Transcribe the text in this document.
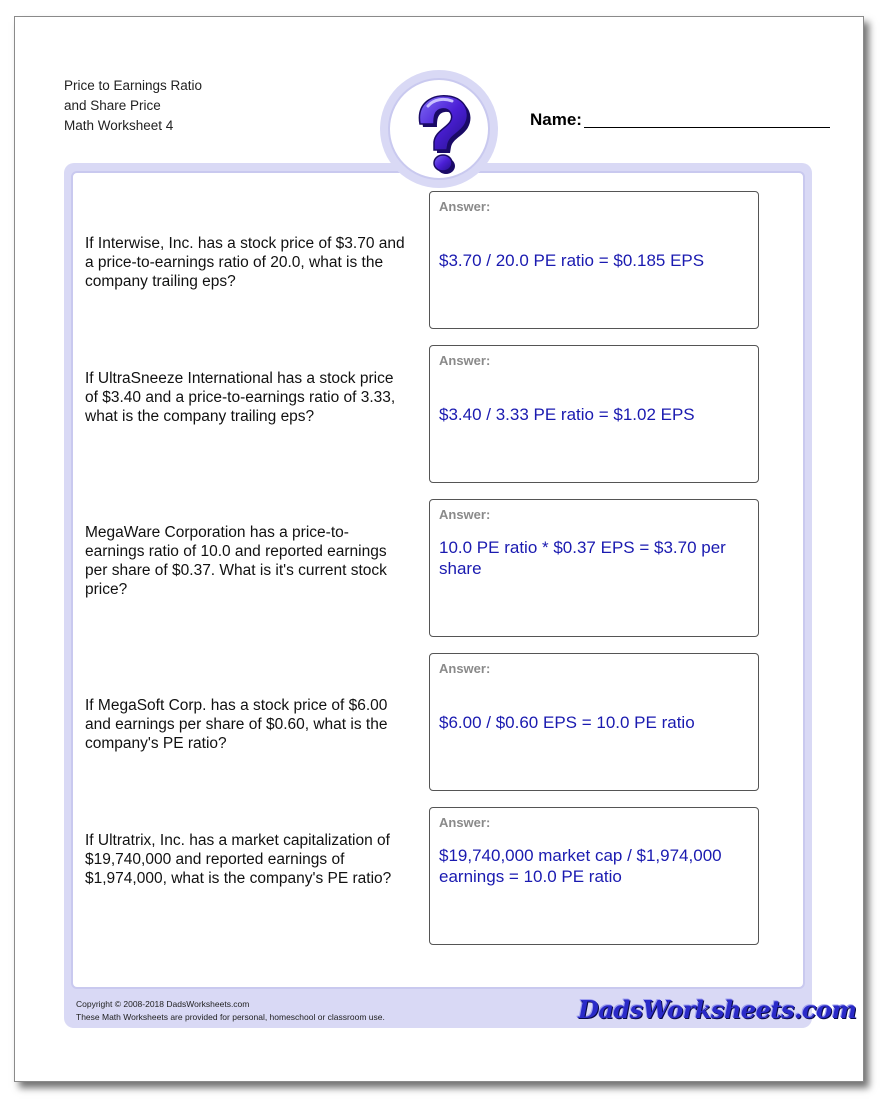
Price to Earnings Ratio
and Share Price
Math Worksheet 4	Name:
If Interwise, Inc. has a stock price of $3.70 and a price-to-earnings ratio of 20.0, what is the company trailing eps?
Answer:
$3.70 / 20.0 PE ratio = $0.185 EPS
If UltraSneeze International has a stock price of $3.40 and a price-to-earnings ratio of 3.33, what is the company trailing eps?
Answer:
$3.40 / 3.33 PE ratio = $1.02 EPS
MegaWare Corporation has a price-to-earnings ratio of 10.0 and reported earnings per share of $0.37. What is it's current stock price?
Answer:
10.0 PE ratio * $0.37 EPS = $3.70 per share
If MegaSoft Corp. has a stock price of $6.00 and earnings per share of $0.60, what is the company's PE ratio?
Answer:
$6.00 / $0.60 EPS = 10.0 PE ratio
If Ultratrix, Inc. has a market capitalization of $19,740,000 and reported earnings of $1,974,000, what is the company's PE ratio?
Answer:
$19,740,000 market cap / $1,974,000 earnings = 10.0 PE ratio
Copyright © 2008-2018 DadsWorksheets.com
These Math Worksheets are provided for personal, homeschool or classroom use.	DadsWorksheets.com
